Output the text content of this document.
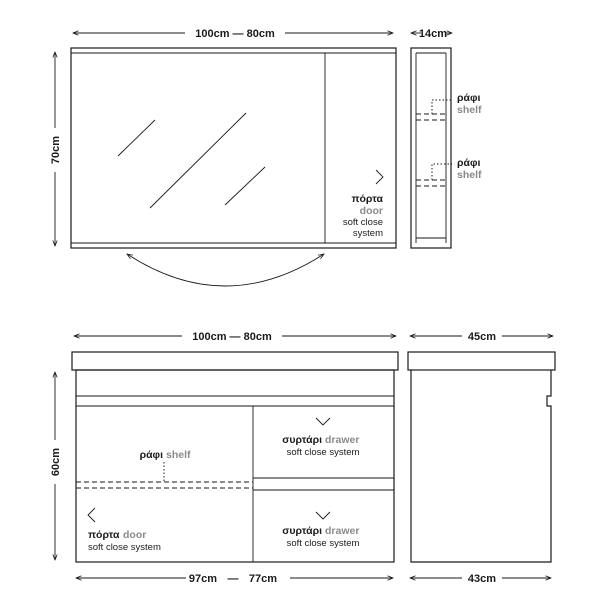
100cm — 80cm
70cm
πόρτα
door
soft close
system
14cm
ράφι
shelf
ράφι
shelf
100cm — 80cm
60cm	ράφι shelf
πόρτα door
soft close system
συρτάρι drawer
soft close system
συρτάρι drawer
soft close system
97cm — 77cm
45cm
43cm
